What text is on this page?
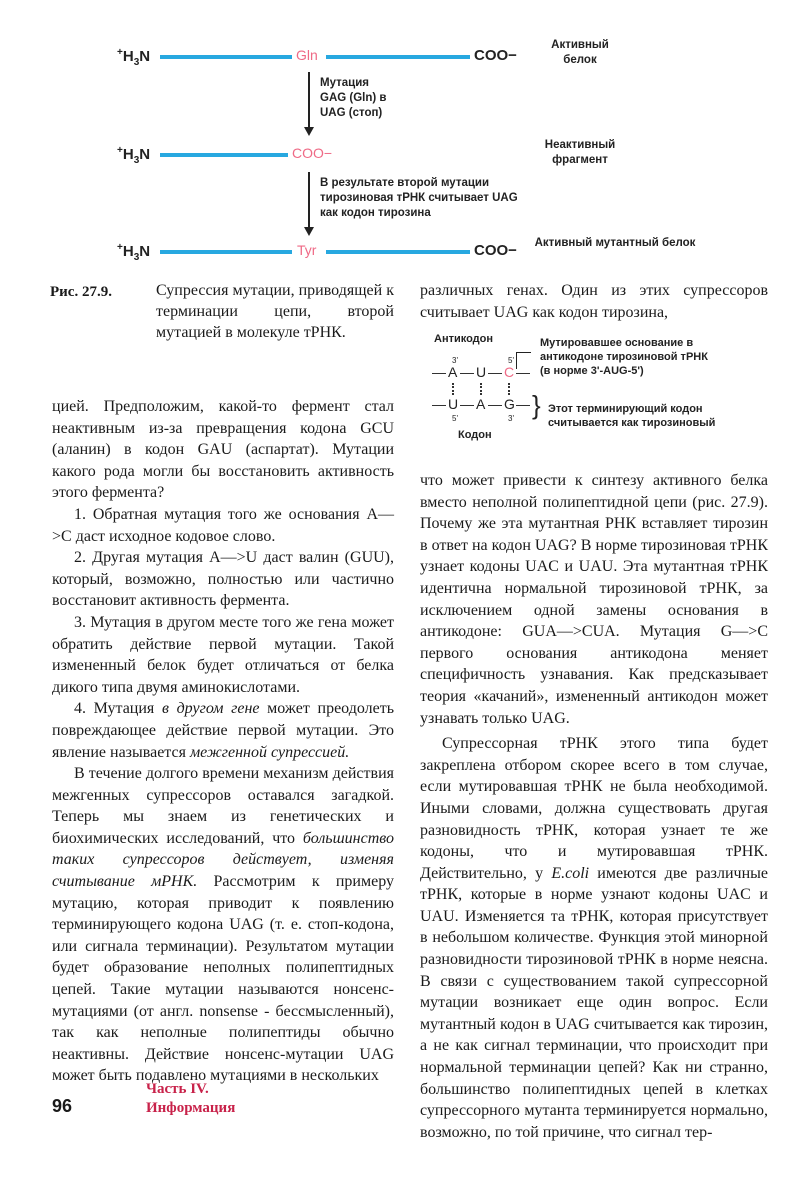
$^+H_3N$	Gln	COO−
Активный белок
Мутация
GAG (Gln) в
UAG (стоп)
$^+H_3N$	COO−	Неактивный фрагмент
В результате второй мутации
тирозиновая тРНК считывает UAG
как кодон тирозина
$^+H_3N$	Tyr	COO−	Активный мутантный белок
Рис. 27.9.	Супрессия мутации, приводящей к терминации цепи, второй мутацией в молекуле тРНК.

цией. Предположим, какой-то фермент стал неактивным из-за превращения кодона GCU (аланин) в кодон GAU (аспартат). Мутации какого рода могли бы восстановить активность этого фермента?

1. Обратная мутация того же основания A—>C даст исходное кодовое слово.

2. Другая мутация A—>U даст валин (GUU), который, возможно, полностью или частично восстановит активность фермента.

3. Мутация в другом месте того же гена может обратить действие первой мутации. Такой измененный белок будет отличаться от белка дикого типа двумя аминокислотами.

4. Мутация в другом гене может преодолеть повреждающее действие первой мутации. Это явление называется межгенной супрессией.

В течение долгого времени механизм действия межгенных супрессоров оставался загадкой. Теперь мы знаем из генетических и биохимических исследований, что большинство таких супрессоров действует, изменяя считывание мРНК. Рассмотрим к примеру мутацию, которая приводит к появлению терминирующего кодона UAG (т. е. стоп-кодона, или сигнала терминации). Результатом мутации будет образование неполных полипептидных цепей. Такие мутации называются нонсенс-мутациями (от англ. nonsense - бессмысленный), так как неполные полипептиды обычно неактивны. Действие нонсенс-мутации UAG может быть подавлено мутациями в нескольких

различных генах. Один из этих супрессоров считывает UAG как кодон тирозина,

Антикодон
3'	5'
— A — U — C —
— U — A — G —
5'	3'
Кодон
Мутировавшее основание в
антикодоне тирозиновой тРНК
(в норме 3'-AUG-5')
} Этот терминирующий кодон
считывается как тирозиновый

что может привести к синтезу активного белка вместо неполной полипептидной цепи (рис. 27.9). Почему же эта мутантная РНК вставляет тирозин в ответ на кодон UAG? В норме тирозиновая тРНК узнает кодоны UAC и UAU. Эта мутантная тРНК идентична нормальной тирозиновой тРНК, за исключением одной замены основания в антикодоне: GUA—>CUA. Мутация G—>C первого основания антикодона меняет специфичность узнавания. Как предсказывает теория «качаний», измененный антикодон может узнавать только UAG.

Супрессорная тРНК этого типа будет закреплена отбором скорее всего в том случае, если мутировавшая тРНК не была необходимой. Иными словами, должна существовать другая разновидность тРНК, которая узнает те же кодоны, что и мутировавшая тРНК. Действительно, у E.coli имеются две различные тРНК, которые в норме узнают кодоны UAC и UAU. Изменяется та тРНК, которая присутствует в небольшом количестве. Функция этой минорной разновидности тирозиновой тРНК в норме неясна. В связи с существованием такой супрессорной мутации возникает еще один вопрос. Если мутантный кодон в UAG считывается как тирозин, а не как сигнал терминации, что происходит при нормальной терминации цепей? Как ни странно, большинство полипептидных цепей в клетках супрессорного мутанта терминируется нормально, возможно, по той причине, что сигнал тер-

96
Часть IV.
Информация
